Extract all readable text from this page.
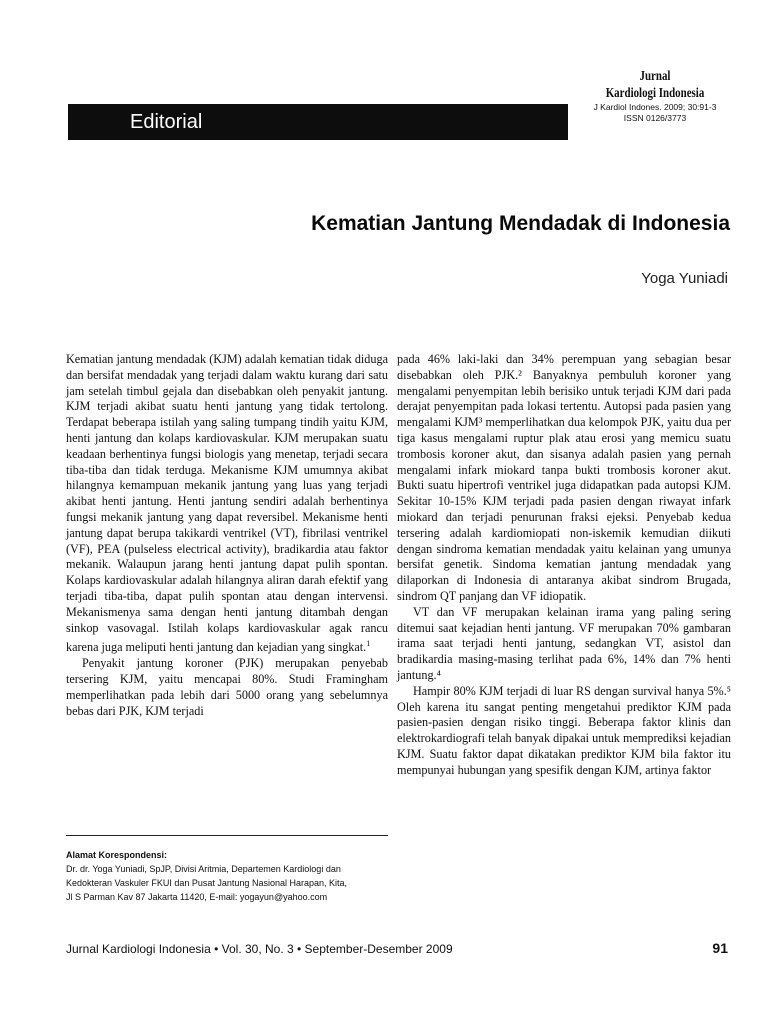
Jurnal
Kardiologi Indonesia
J Kardiol Indones. 2009; 30:91-3
ISSN 0126/3773
Editorial
Kematian Jantung Mendadak di Indonesia
Yoga Yuniadi

Kematian jantung mendadak (KJM) adalah kematian tidak diduga dan bersifat mendadak yang terjadi dalam waktu kurang dari satu jam setelah timbul gejala dan disebabkan oleh penyakit jantung. KJM terjadi akibat suatu henti jantung yang tidak tertolong. Terdapat beberapa istilah yang saling tumpang tindih yaitu KJM, henti jantung dan kolaps kardiovaskular. KJM merupakan suatu keadaan berhentinya fungsi biologis yang menetap, terjadi secara tiba-tiba dan tidak terduga. Mekanisme KJM umumnya akibat hilangnya kemampuan mekanik jantung yang luas yang terjadi akibat henti jantung. Henti jantung sendiri adalah berhentinya fungsi mekanik jantung yang dapat reversibel. Mekanisme henti jantung dapat berupa takikardi ventrikel (VT), fibrilasi ventrikel (VF), PEA (pulseless electrical activity), bradikardia atau faktor mekanik. Walaupun jarang henti jantung dapat pulih spontan. Kolaps kardiovaskular adalah hilangnya aliran darah efektif yang terjadi tiba-tiba, dapat pulih spontan atau dengan intervensi. Mekanismenya sama dengan henti jantung ditambah dengan sinkop vasovagal. Istilah kolaps kardiovaskular agak rancu karena juga meliputi henti jantung dan kejadian yang singkat.$^1$

Penyakit jantung koroner (PJK) merupakan penyebab tersering KJM, yaitu mencapai 80%. Studi Framingham memperlihatkan pada lebih dari 5000 orang yang sebelumnya bebas dari PJK, KJM terjadi

pada 46% laki-laki dan 34% perempuan yang sebagian besar disebabkan oleh PJK.² Banyaknya pembuluh koroner yang mengalami penyempitan lebih berisiko untuk terjadi KJM dari pada derajat penyempitan pada lokasi tertentu. Autopsi pada pasien yang mengalami KJM³ memperlihatkan dua kelompok PJK, yaitu dua per tiga kasus mengalami ruptur plak atau erosi yang memicu suatu trombosis koroner akut, dan sisanya adalah pasien yang pernah mengalami infark miokard tanpa bukti trombosis koroner akut. Bukti suatu hipertrofi ventrikel juga didapatkan pada autopsi KJM. Sekitar 10-15% KJM terjadi pada pasien dengan riwayat infark miokard dan terjadi penurunan fraksi ejeksi. Penyebab kedua tersering adalah kardiomiopati non-iskemik kemudian diikuti dengan sindroma kematian mendadak yaitu kelainan yang umunya bersifat genetik. Sindoma kematian jantung mendadak yang dilaporkan di Indonesia di antaranya akibat sindrom Brugada, sindrom QT panjang dan VF idiopatik.

VT dan VF merupakan kelainan irama yang paling sering ditemui saat kejadian henti jantung. VF merupakan 70% gambaran irama saat terjadi henti jantung, sedangkan VT, asistol dan bradikardia masing-masing terlihat pada 6%, 14% dan 7% henti jantung.⁴

Hampir 80% KJM terjadi di luar RS dengan survival hanya 5%.⁵ Oleh karena itu sangat penting mengetahui prediktor KJM pada pasien-pasien dengan risiko tinggi. Beberapa faktor klinis dan elektrokardiografi telah banyak dipakai untuk memprediksi kejadian KJM. Suatu faktor dapat dikatakan prediktor KJM bila faktor itu mempunyai hubungan yang spesifik dengan KJM, artinya faktor

Alamat Korespondensi:
Dr. dr. Yoga Yuniadi, SpJP, Divisi Aritmia, Departemen Kardiologi dan
Kedokteran Vaskuler FKUI dan Pusat Jantung Nasional Harapan, Kita,
Jl S Parman Kav 87 Jakarta 11420, E-mail: yogayun@yahoo.com
Jurnal Kardiologi Indonesia • Vol. 30, No. 3 • September-Desember 2009	91
